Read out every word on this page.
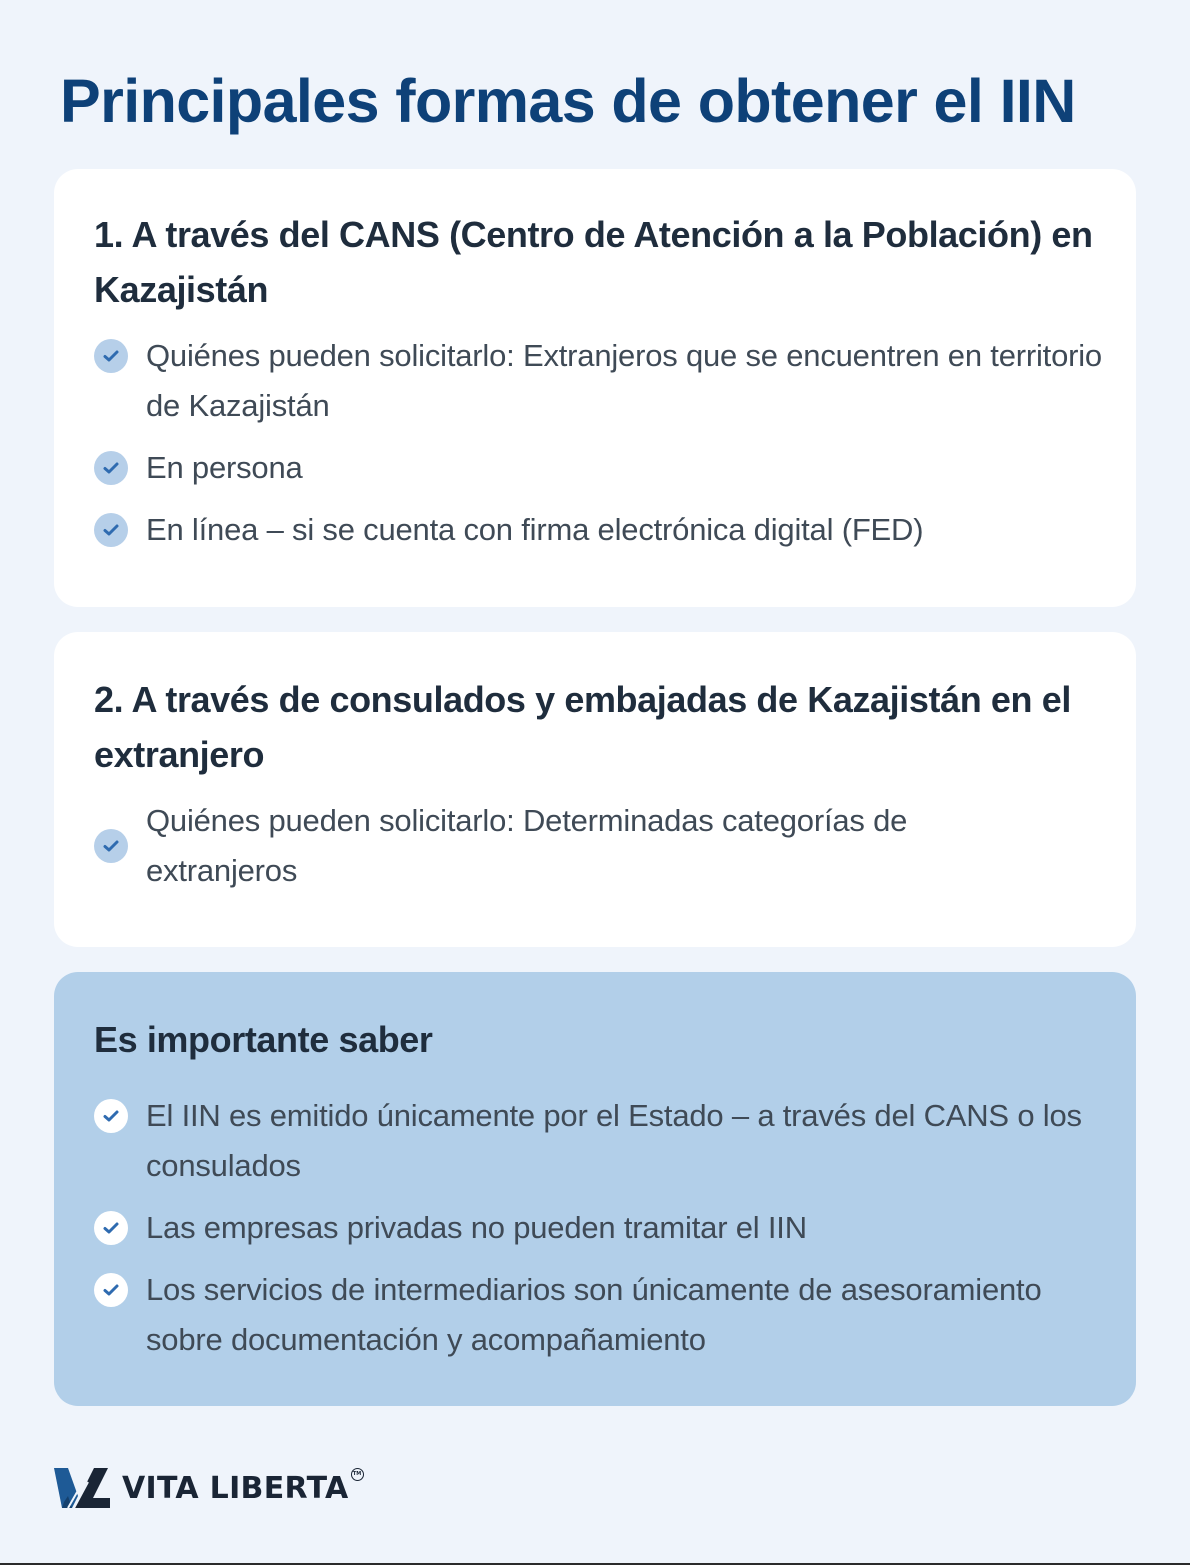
Principales formas de obtener el IIN
1. A través del CANS (Centro de Atención a la Población) en Kazajistán
Quiénes pueden solicitarlo: Extranjeros que se encuentren en territorio de Kazajistán
En persona
En línea – si se cuenta con firma electrónica digital (FED)
2. A través de consulados y embajadas de Kazajistán en el extranjero
Quiénes pueden solicitarlo: Determinadas categorías de extranjeros
Es importante saber
El IIN es emitido únicamente por el Estado – a través del CANS o los consulados
Las empresas privadas no pueden tramitar el IIN
Los servicios de intermediarios son únicamente de asesoramiento sobre documentación y acompañamiento
VITA LIBERTA TM
